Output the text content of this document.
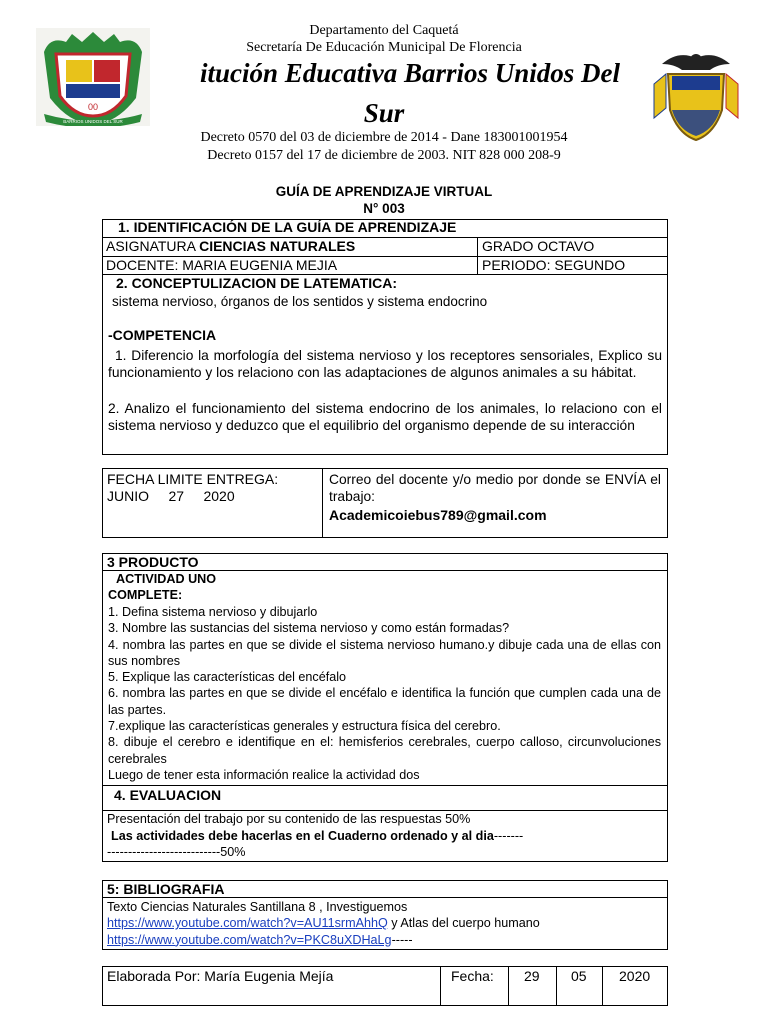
00
BARRIOS UNIDOS DEL SUR
Departamento del Caquetá
Secretaría De Educación Municipal De Florencia
itución Educativa Barrios Unidos Del
Sur
Decreto 0570 del 03 de diciembre de 2014 - Dane 183001001954
Decreto 0157 del 17 de diciembre de 2003. NIT 828 000 208-9
GUÍA DE APRENDIZAJE VIRTUAL
N° 003
1. IDENTIFICACIÓN DE LA GUÍA DE APRENDIZAJE
ASIGNATURA CIENCIAS NATURALES	GRADO OCTAVO
DOCENTE: MARIA EUGENIA MEJIA	PERIODO: SEGUNDO
2. CONCEPTULIZACION DE LATEMATICA:
sistema nervioso, órganos de los sentidos y sistema endocrino
-COMPETENCIA
1. Diferencio la morfología del sistema nervioso y los receptores sensoriales, Explico su funcionamiento y los relaciono con las adaptaciones de algunos animales a su hábitat.
2. Analizo el funcionamiento del sistema endocrino de los animales, lo relaciono con el sistema nervioso y deduzco que el equilibrio del organismo depende de su interacción
FECHA LIMITE ENTREGA:
JUNIO     27     2020
Correo del docente y/o medio por donde se ENVÍA el trabajo:
Academicoiebus789@gmail.com
3 PRODUCTO
ACTIVIDAD UNO
COMPLETE:
1. Defina sistema nervioso y dibujarlo
3. Nombre las sustancias del sistema nervioso y como están formadas?
4. nombra las partes en que se divide el sistema nervioso humano.y dibuje cada una de ellas con sus nombres
5. Explique las características del encéfalo
6. nombra las partes en que se divide el encéfalo e identifica la función que cumplen cada una de las partes.
7.explique las características generales y estructura física del cerebro.
8. dibuje el cerebro e identifique en el: hemisferios cerebrales, cuerpo calloso, circunvoluciones cerebrales
Luego de tener esta información realice la actividad dos
4. EVALUACION
Presentación del trabajo por su contenido de las respuestas 50%
Las actividades debe hacerlas en el Cuaderno ordenado y al dia----------------------------------50%
5: BIBLIOGRAFIA
Texto Ciencias Naturales Santillana 8 , Investiguemos
https://www.youtube.com/watch?v=AU11srmAhhQ y Atlas del cuerpo humano
https://www.youtube.com/watch?v=PKC8uXDHaLg-----
Elaborada Por: María Eugenia Mejía	Fecha: 29 05 2020
